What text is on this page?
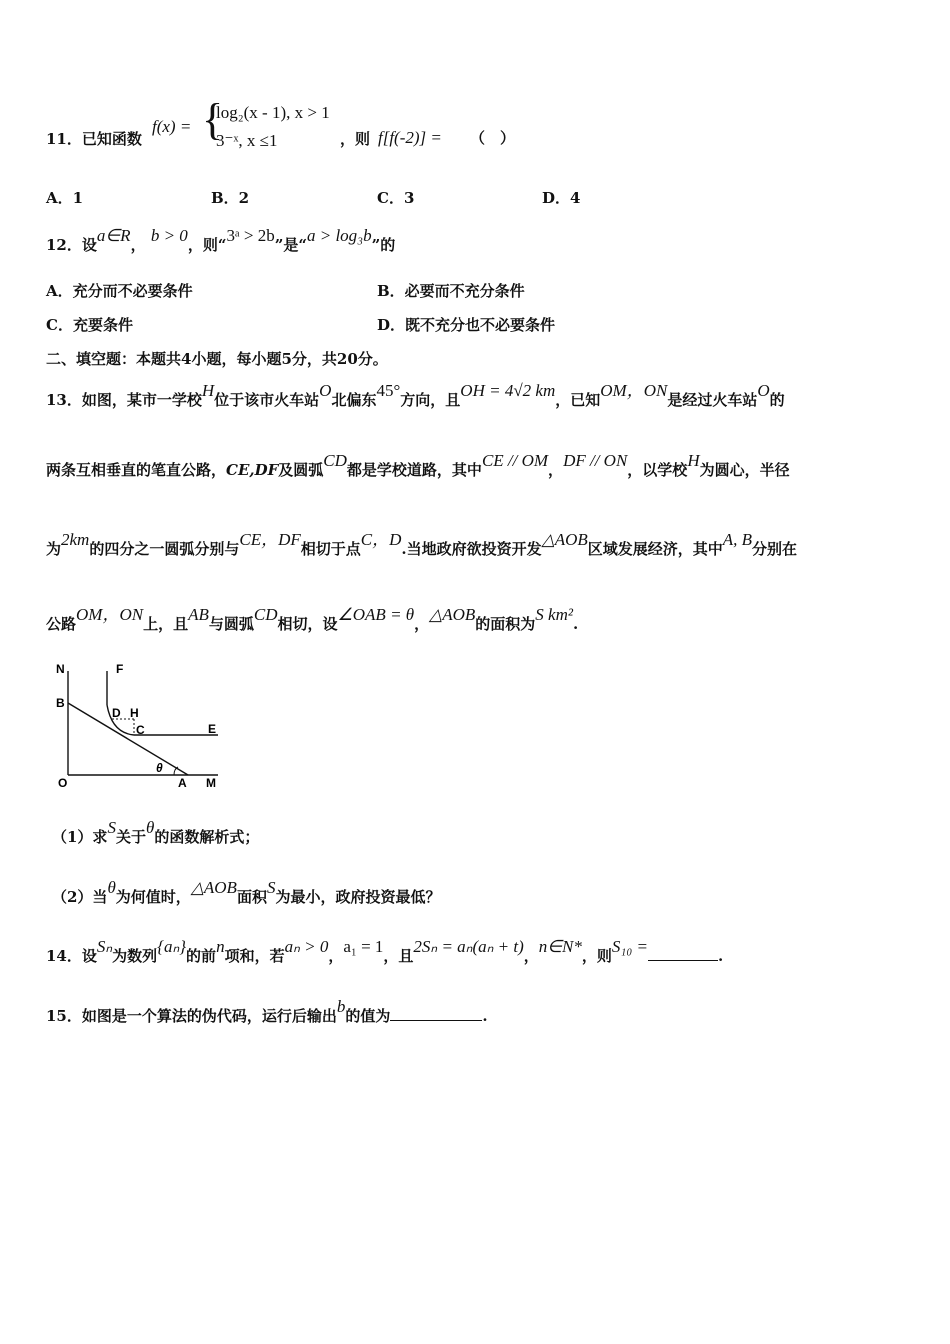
11．已知函数
f(x) = {
log₂(x - 1), x > 1
3⁻ˣ, x ≤1	，则 f[f(-2)] = （　）
A．1	B．2	C．3	D．4
12．设a∈R， b > 0，则“3ᵃ > 2b”是“a > log₃b”的
A．充分而不必要条件	B．必要而不充分条件
C．充要条件	D．既不充分也不必要条件
二、填空题：本题共4小题，每小题5分，共20分。
13．如图，某市一学校H位于该市火车站O北偏东45°方向，且OH = 4√2 km，已知OM，ON是经过火车站O的
两条互相垂直的笔直公路，CE,DF及圆弧CD都是学校道路，其中CE // OM，DF // ON，以学校H为圆心，半径
为2km的四分之一圆弧分别与CE，DF相切于点C，D.当地政府欲投资开发△AOB区域发展经济，其中A, B分别在
公路OM，ON上，且AB与圆弧CD相切，设∠OAB = θ，△AOB的面积为S km².
N	F
B
D H
C	E
O	A M
θ
（1）求S关于θ的函数解析式；
（2）当θ为何值时，△AOB面积S为最小，政府投资最低？
14．设Sₙ为数列{aₙ}的前n项和，若aₙ > 0，a₁ = 1，且2Sₙ = aₙ(aₙ + t)，n∈N*，则S₁₀ =	.
15．如图是一个算法的伪代码，运行后输出b的值为	.
